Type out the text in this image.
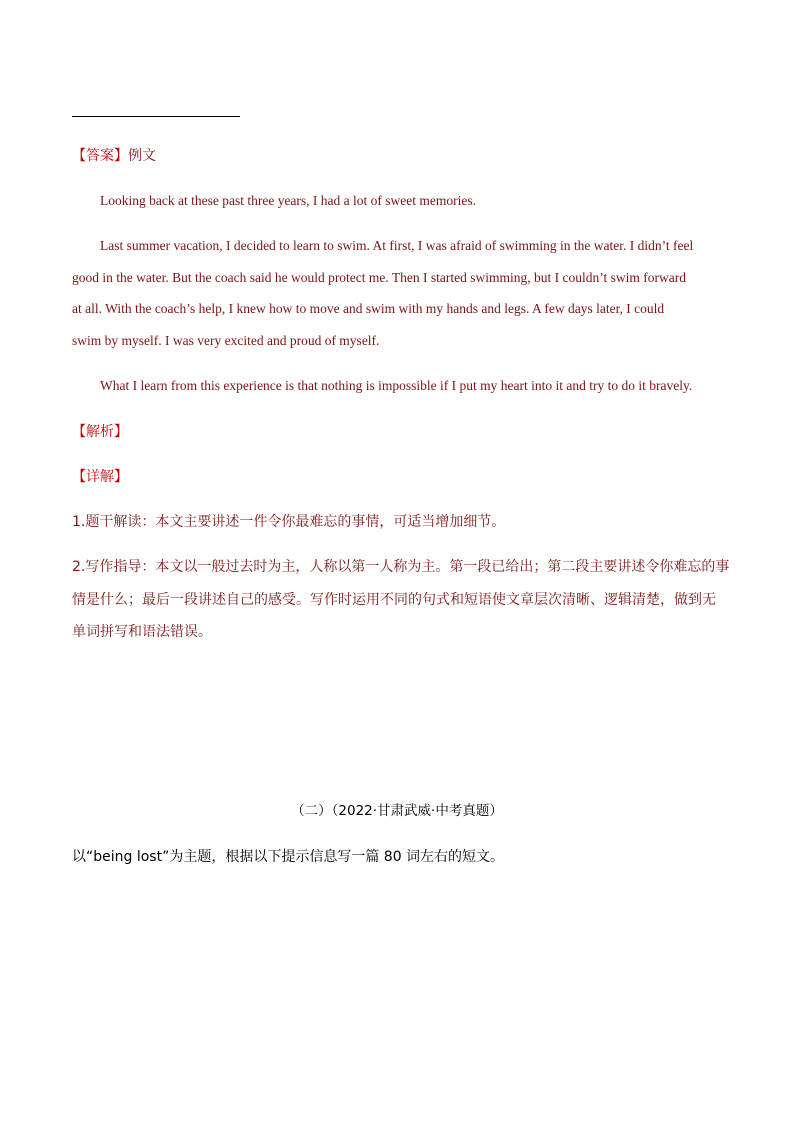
【答案】例文
Looking back at these past three years, I had a lot of sweet memories.
Last summer vacation, I decided to learn to swim. At first, I was afraid of swimming in the water. I didn’t feel
good in the water. But the coach said he would protect me. Then I started swimming, but I couldn’t swim forward
at all. With the coach’s help, I knew how to move and swim with my hands and legs. A few days later, I could
swim by myself. I was very excited and proud of myself.
What I learn from this experience is that nothing is impossible if I put my heart into it and try to do it bravely.
【解析】
【详解】
1.题干解读：本文主要讲述一件令你最难忘的事情，可适当增加细节。
2.写作指导：本文以一般过去时为主，人称以第一人称为主。第一段已给出；第二段主要讲述令你难忘的事
情是什么；最后一段讲述自己的感受。写作时运用不同的句式和短语使文章层次清晰、逻辑清楚，做到无
单词拼写和语法错误。
（二）（2022·甘肃武威·中考真题）
以“being lost”为主题，根据以下提示信息写一篇 80 词左右的短文。
